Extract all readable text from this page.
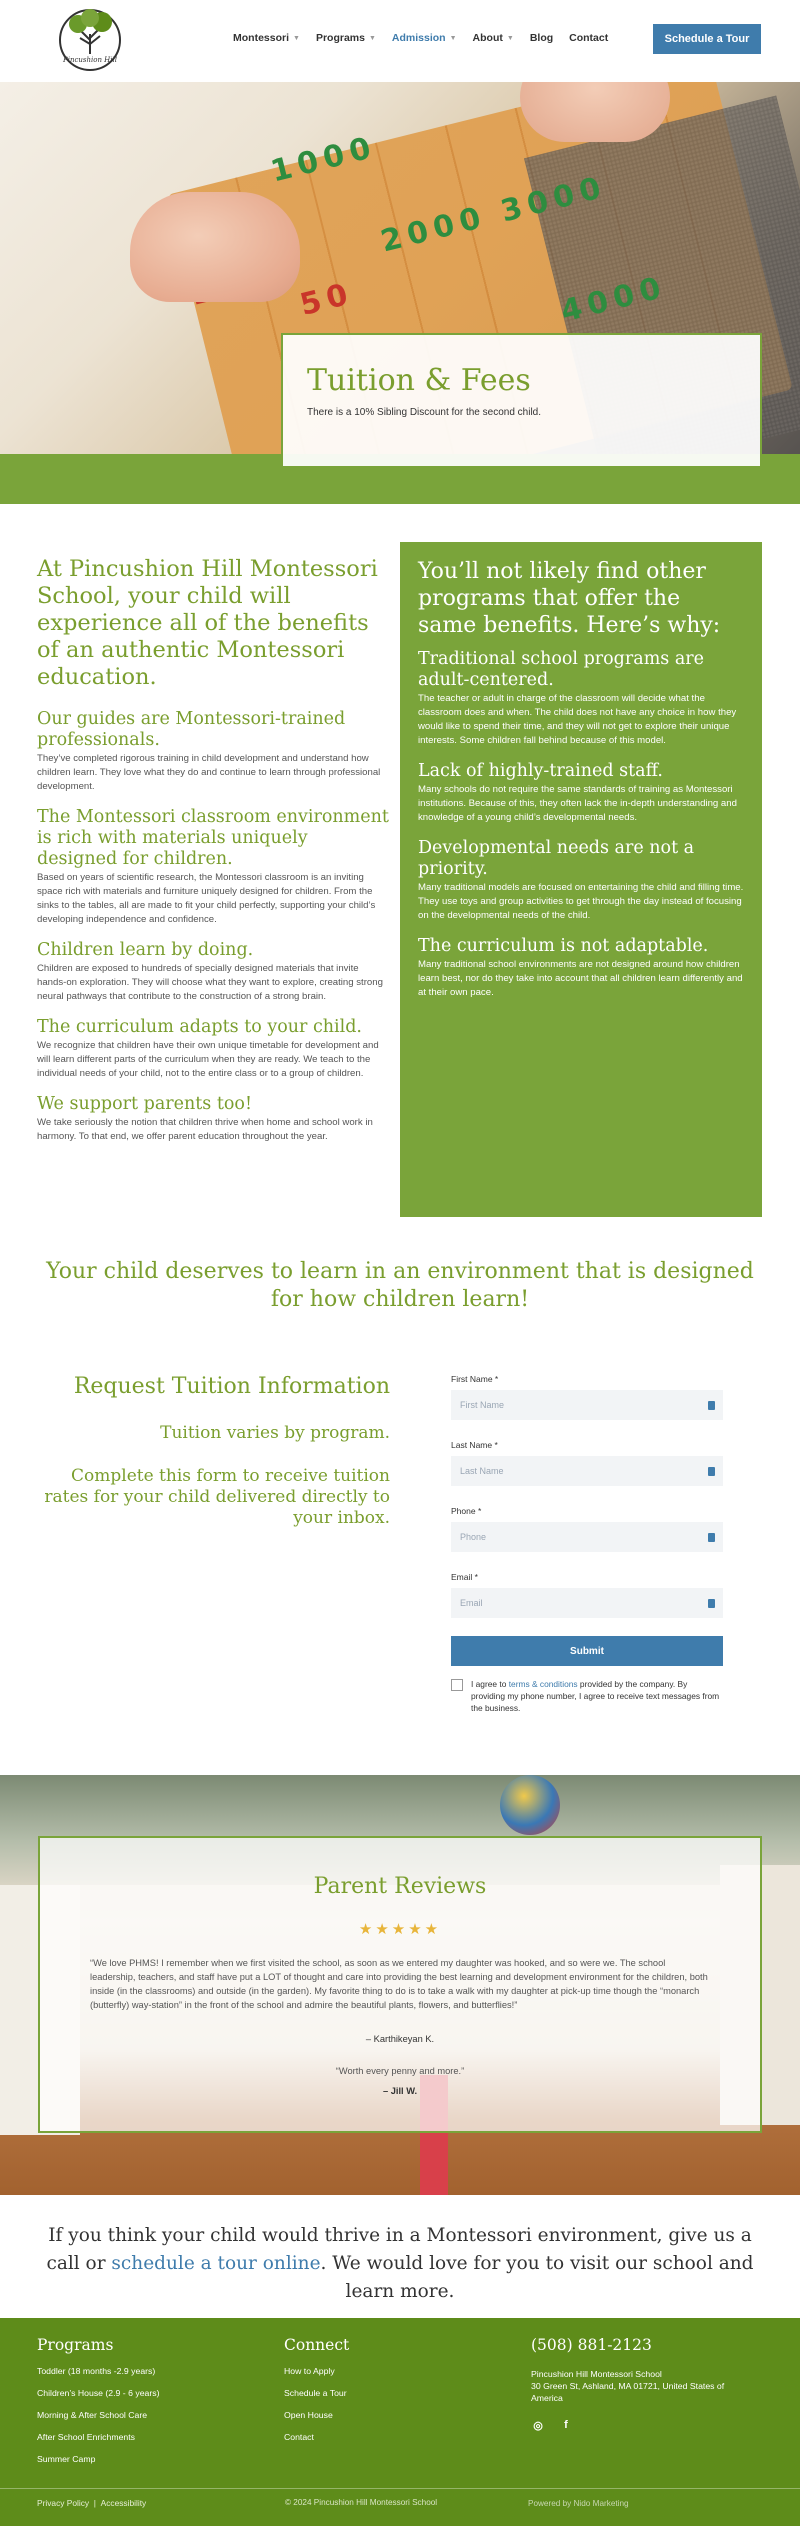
Pincushion Hill
Montessori ▼ Programs ▼ Admission ▼ About ▼ Blog Contact	Schedule a Tour
1000
2000
3000
4000
50
Tuition & Fees
There is a 10% Sibling Discount for the second child.
At Pincushion Hill Montessori School, your child will experience all of the benefits of an authentic Montessori education.
Our guides are Montessori-trained professionals.

They’ve completed rigorous training in child development and understand how children learn. They love what they do and continue to learn through professional development.

The Montessori classroom environment is rich with materials uniquely designed for children.

Based on years of scientific research, the Montessori classroom is an inviting space rich with materials and furniture uniquely designed for children. From the sinks to the tables, all are made to fit your child perfectly, supporting your child’s developing independence and confidence.

Children learn by doing.

Children are exposed to hundreds of specially designed materials that invite hands-on exploration. They will choose what they want to explore, creating strong neural pathways that contribute to the construction of a strong brain.

The curriculum adapts to your child.

We recognize that children have their own unique timetable for development and will learn different parts of the curriculum when they are ready. We teach to the individual needs of your child, not to the entire class or to a group of children.

We support parents too!

We take seriously the notion that children thrive when home and school work in harmony. To that end, we offer parent education throughout the year.

You’ll not likely find other programs that offer the same benefits. Here’s why:
Traditional school programs are adult-centered.

The teacher or adult in charge of the classroom will decide what the classroom does and when. The child does not have any choice in how they would like to spend their time, and they will not get to explore their unique interests. Some children fall behind because of this model.

Lack of highly-trained staff.

Many schools do not require the same standards of training as Montessori institutions. Because of this, they often lack the in-depth understanding and knowledge of a young child’s developmental needs.

Developmental needs are not a priority.

Many traditional models are focused on entertaining the child and filling time. They use toys and group activities to get through the day instead of focusing on the developmental needs of the child.

The curriculum is not adaptable.

Many traditional school environments are not designed around how children learn best, nor do they take into account that all children learn differently and at their own pace.

Your child deserves to learn in an environment that is designed for how children learn!
Request Tuition Information
Tuition varies by program.
Complete this form to receive tuition rates for your child delivered directly to your inbox.
First Name *
First Name
Last Name *
Last Name
Phone *
Phone
Email *
Email
Submit
I agree to terms & conditions provided by the company. By providing my phone number, I agree to receive text messages from the business.
Parent Reviews
★★★★★
“We love PHMS! I remember when we first visited the school, as soon as we entered my daughter was hooked, and so were we. The school leadership, teachers, and staff have put a LOT of thought and care into providing the best learning and development environment for the children, both inside (in the classrooms) and outside (in the garden). My favorite thing to do is to take a walk with my daughter at pick-up time though the “monarch (butterfly) way-station” in the front of the school and admire the beautiful plants, flowers, and butterflies!”
– Karthikeyan K.
“Worth every penny and more.”
– Jill W.
If you think your child would thrive in a Montessori environment, give us a call or schedule a tour online. We would love for you to visit our school and learn more.
Programs
Toddler (18 months -2.9 years)
Children’s House (2.9 - 6 years)
Morning & After School Care
After School Enrichments
Summer Camp
Connect
How to Apply
Schedule a Tour
Open House
Contact
(508) 881-2123
Pincushion Hill Montessori School
30 Green St, Ashland, MA 01721, United States of America
◎	f
Privacy Policy | Accessibility	© 2024 Pincushion Hill Montessori School	Powered by Nido Marketing
